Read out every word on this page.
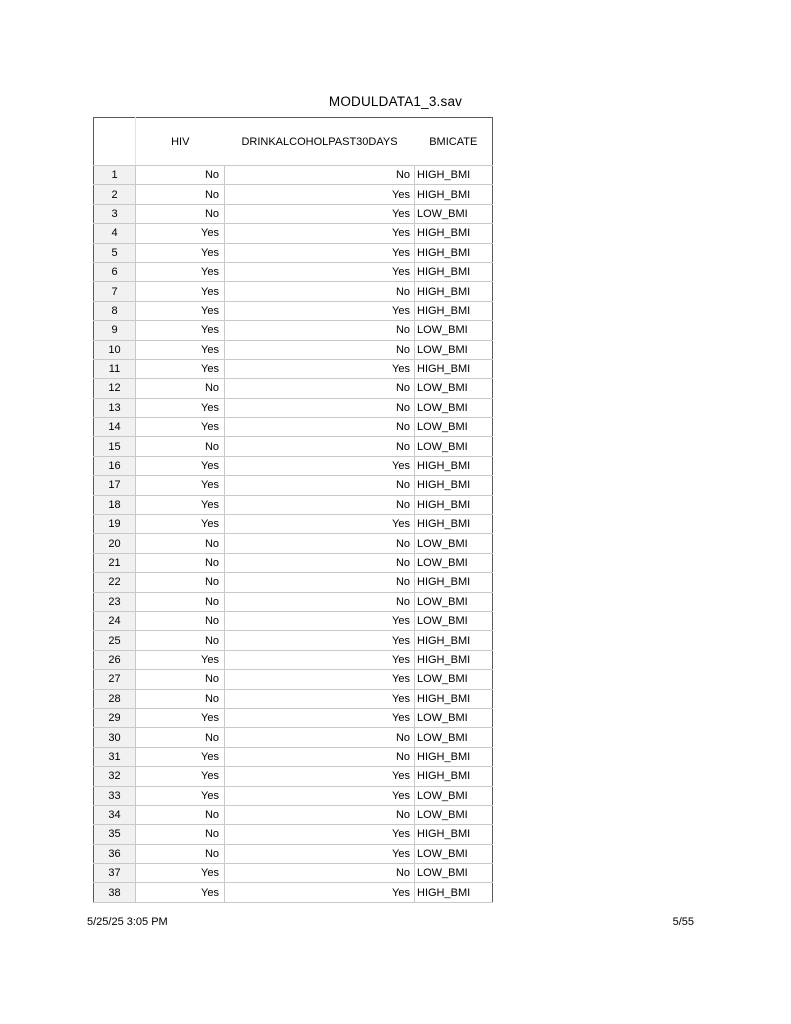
MODULDATA1_3.sav
	HIV	DRINKALCOHOLPAST30DAYS	BMICATE
1	No	No	HIGH_BMI
2	No	Yes	HIGH_BMI
3	No	Yes	LOW_BMI
4	Yes	Yes	HIGH_BMI
5	Yes	Yes	HIGH_BMI
6	Yes	Yes	HIGH_BMI
7	Yes	No	HIGH_BMI
8	Yes	Yes	HIGH_BMI
9	Yes	No	LOW_BMI
10	Yes	No	LOW_BMI
11	Yes	Yes	HIGH_BMI
12	No	No	LOW_BMI
13	Yes	No	LOW_BMI
14	Yes	No	LOW_BMI
15	No	No	LOW_BMI
16	Yes	Yes	HIGH_BMI
17	Yes	No	HIGH_BMI
18	Yes	No	HIGH_BMI
19	Yes	Yes	HIGH_BMI
20	No	No	LOW_BMI
21	No	No	LOW_BMI
22	No	No	HIGH_BMI
23	No	No	LOW_BMI
24	No	Yes	LOW_BMI
25	No	Yes	HIGH_BMI
26	Yes	Yes	HIGH_BMI
27	No	Yes	LOW_BMI
28	No	Yes	HIGH_BMI
29	Yes	Yes	LOW_BMI
30	No	No	LOW_BMI
31	Yes	No	HIGH_BMI
32	Yes	Yes	HIGH_BMI
33	Yes	Yes	LOW_BMI
34	No	No	LOW_BMI
35	No	Yes	HIGH_BMI
36	No	Yes	LOW_BMI
37	Yes	No	LOW_BMI
38	Yes	Yes	HIGH_BMI
5/25/25 3:05 PM	5/55
